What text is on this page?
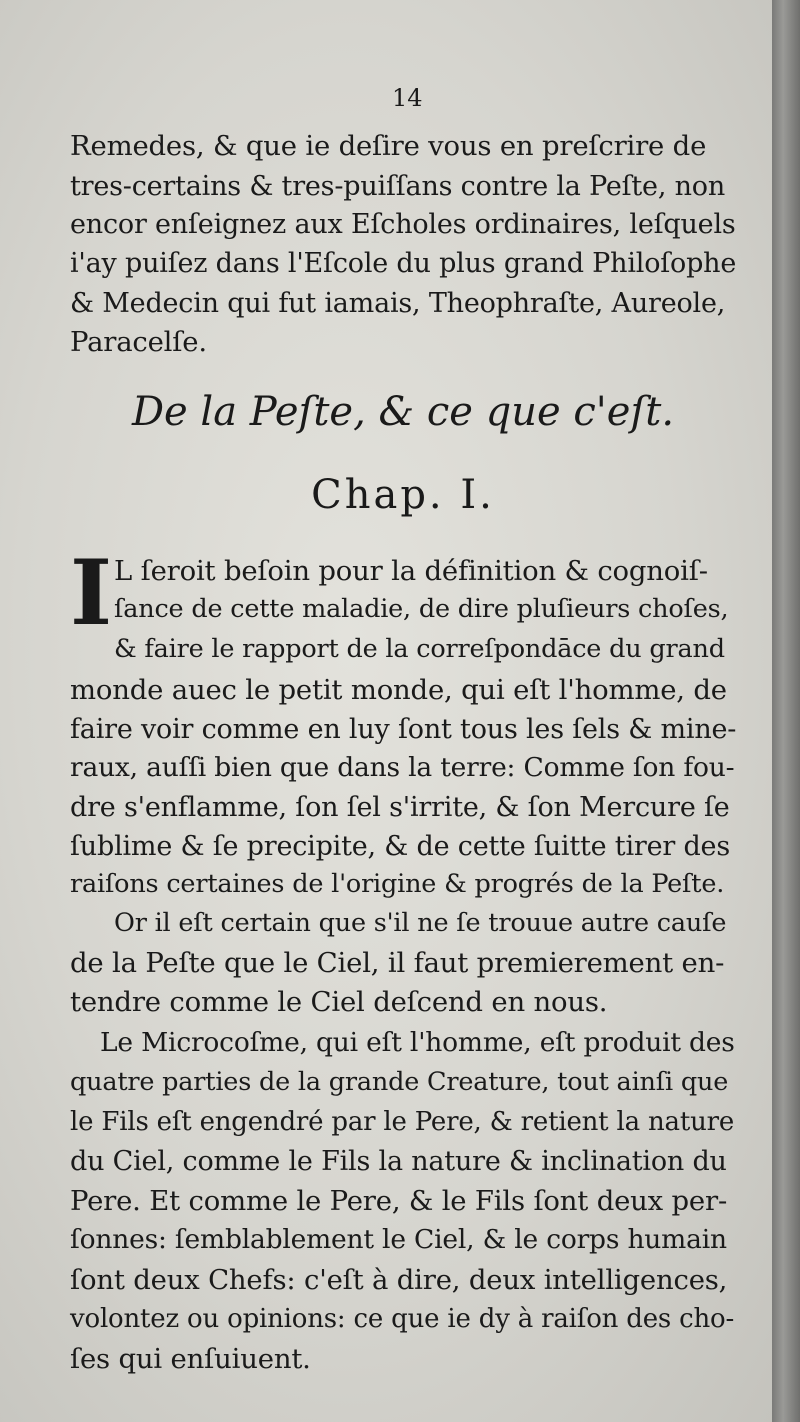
14
Remedes, & que ie deſire vous en preſcrire de
tres-certains & tres-puiſſans contre la Peſte, non
encor enſeignez aux Eſcholes ordinaires, leſquels
i'ay puiſez dans l'Eſcole du plus grand Philoſophe
& Medecin qui fut iamais, Theophraſte, Aureole,
Paracelſe.
De la Peſte, & ce que c'eſt.
Chap. I.
I L ſeroit beſoin pour la définition & cognoiſ-
ſance de cette maladie, de dire pluſieurs choſes,
& faire le rapport de la correſpondāce du grand
monde auec le petit monde, qui eſt l'homme, de
faire voir comme en luy ſont tous les ſels & mine-
raux, auſſi bien que dans la terre: Comme ſon fou-
dre s'enflamme, ſon ſel s'irrite, & ſon Mercure ſe
ſublime & ſe precipite, & de cette ſuitte tirer des
raiſons certaines de l'origine & progrés de la Peſte.
Or il eſt certain que s'il ne ſe trouue autre cauſe
de la Peſte que le Ciel, il faut premierement en-
tendre comme le Ciel deſcend en nous.
Le Microcoſme, qui eſt l'homme, eſt produit des
quatre parties de la grande Creature, tout ainſi que
le Fils eſt engendré par le Pere, & retient la nature
du Ciel, comme le Fils la nature & inclination du
Pere. Et comme le Pere, & le Fils ſont deux per-
ſonnes: ſemblablement le Ciel, & le corps humain
ſont deux Chefs: c'eſt à dire, deux intelligences,
volontez ou opinions: ce que ie dy à raiſon des cho-
ſes qui enſuiuent.
